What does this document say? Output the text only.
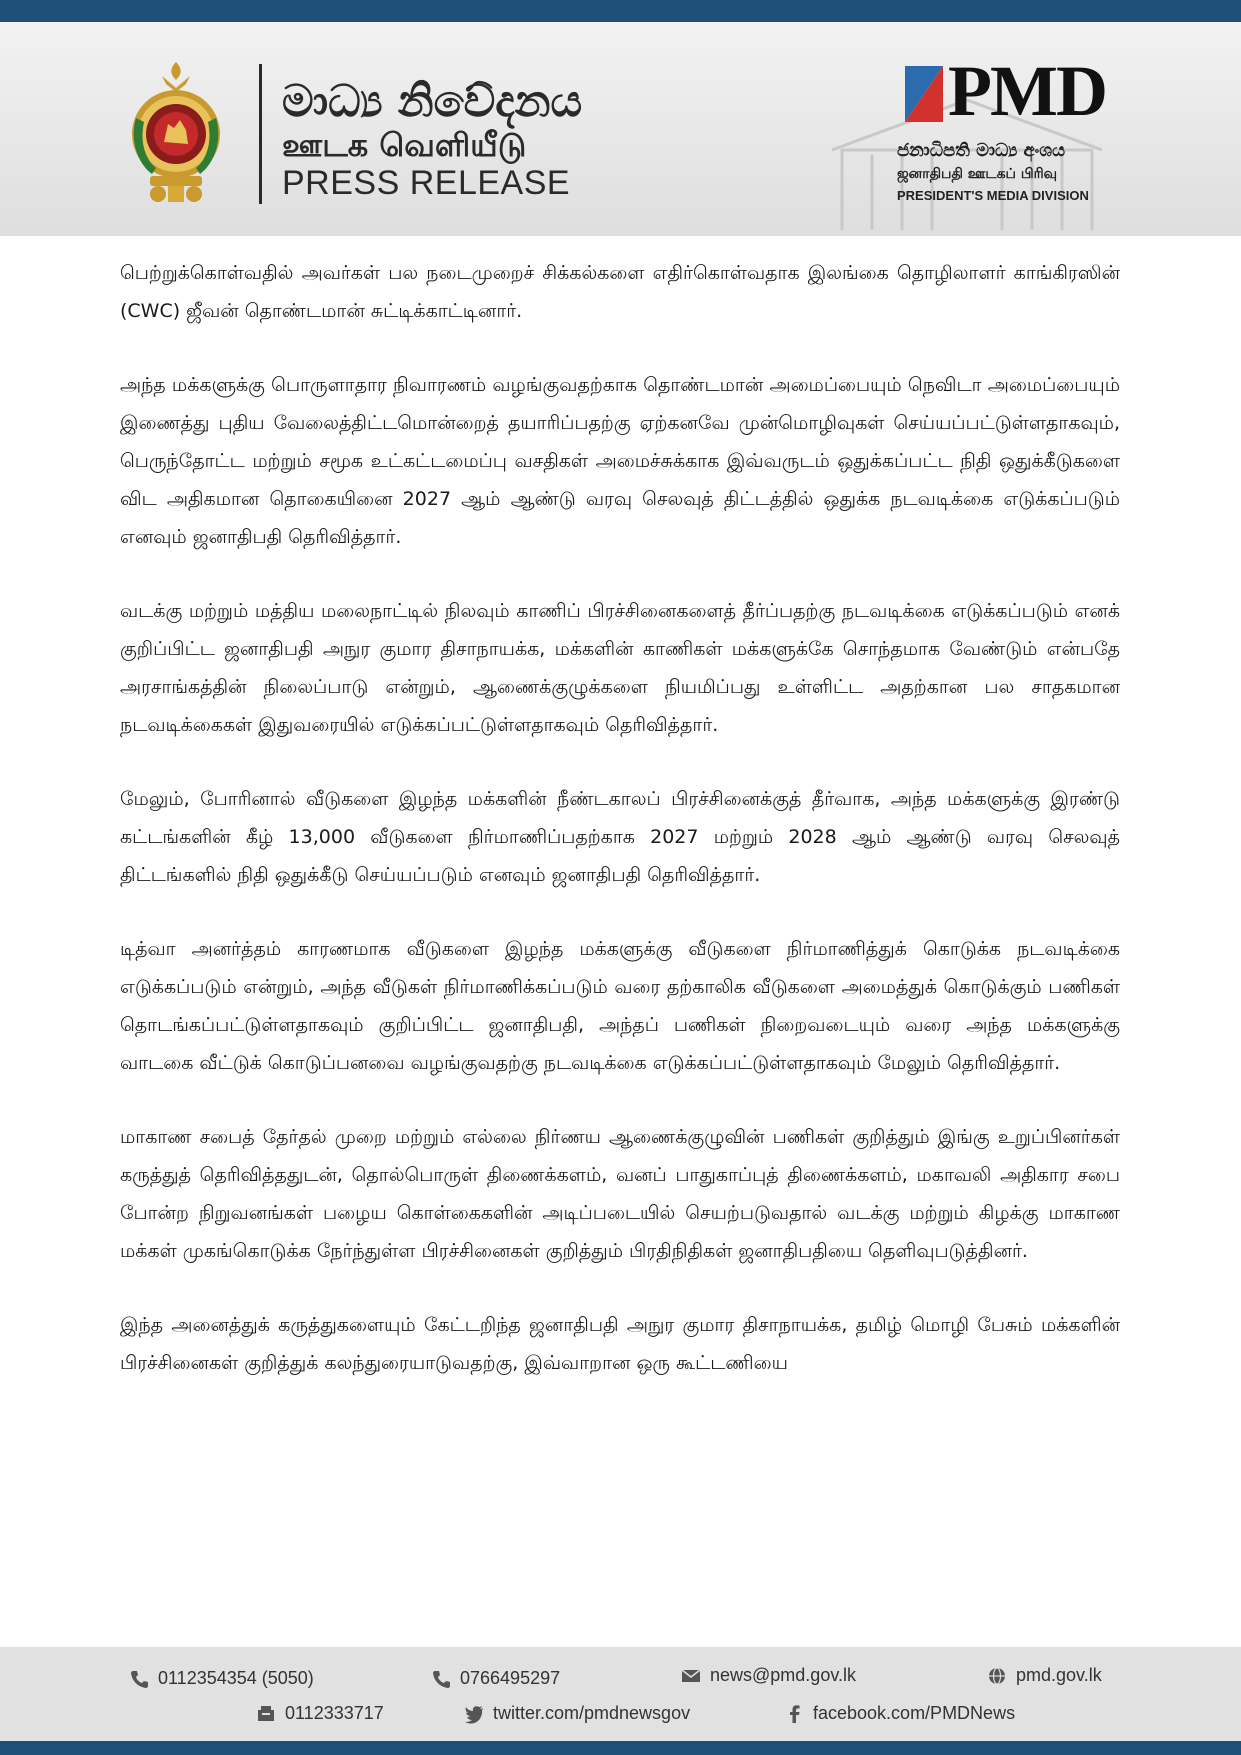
මාධ්‍ය නිවේදනය
ஊடக வெளியீடு
PRESS RELEASE
PMD
ජනාධිපති මාධ්‍ය අංශය
ஜனாதிபதி ஊடகப் பிரிவு
PRESIDENT'S MEDIA DIVISION

பெற்றுக்கொள்வதில் அவர்கள் பல நடைமுறைச் சிக்கல்களை எதிர்கொள்வதாக இலங்கை தொழிலாளர் காங்கிரஸின் (CWC) ஜீவன் தொண்டமான் சுட்டிக்காட்டினார்.

அந்த மக்களுக்கு பொருளாதார நிவாரணம் வழங்குவதற்காக தொண்டமான் அமைப்பையும் நெவிடா அமைப்பையும் இணைத்து புதிய வேலைத்திட்டமொன்றைத் தயாரிப்பதற்கு ஏற்கனவே முன்மொழிவுகள் செய்யப்பட்டுள்ளதாகவும், பெருந்தோட்ட மற்றும் சமூக உட்கட்டமைப்பு வசதிகள் அமைச்சுக்காக இவ்வருடம் ஒதுக்கப்பட்ட நிதி ஒதுக்கீடுகளை விட அதிகமான தொகையினை 2027 ஆம் ஆண்டு வரவு செலவுத் திட்டத்தில் ஒதுக்க நடவடிக்கை எடுக்கப்படும் எனவும் ஜனாதிபதி தெரிவித்தார்.

வடக்கு மற்றும் மத்திய மலைநாட்டில் நிலவும் காணிப் பிரச்சினைகளைத் தீர்ப்பதற்கு நடவடிக்கை எடுக்கப்படும் எனக் குறிப்பிட்ட ஜனாதிபதி அநுர குமார திசாநாயக்க, மக்களின் காணிகள் மக்களுக்கே சொந்தமாக வேண்டும் என்பதே அரசாங்கத்தின் நிலைப்பாடு என்றும், ஆணைக்குழுக்களை நியமிப்பது உள்ளிட்ட அதற்கான பல சாதகமான நடவடிக்கைகள் இதுவரையில் எடுக்கப்பட்டுள்ளதாகவும் தெரிவித்தார்.

மேலும், போரினால் வீடுகளை இழந்த மக்களின் நீண்டகாலப் பிரச்சினைக்குத் தீர்வாக, அந்த மக்களுக்கு இரண்டு கட்டங்களின் கீழ் 13,000 வீடுகளை நிர்மாணிப்பதற்காக 2027 மற்றும் 2028 ஆம் ஆண்டு வரவு செலவுத் திட்டங்களில் நிதி ஒதுக்கீடு செய்யப்படும் எனவும் ஜனாதிபதி தெரிவித்தார்.

டித்வா அனர்த்தம் காரணமாக வீடுகளை இழந்த மக்களுக்கு வீடுகளை நிர்மாணித்துக் கொடுக்க நடவடிக்கை எடுக்கப்படும் என்றும், அந்த வீடுகள் நிர்மாணிக்கப்படும் வரை தற்காலிக வீடுகளை அமைத்துக் கொடுக்கும் பணிகள் தொடங்கப்பட்டுள்ளதாகவும் குறிப்பிட்ட ஜனாதிபதி, அந்தப் பணிகள் நிறைவடையும் வரை அந்த மக்களுக்கு வாடகை வீட்டுக் கொடுப்பனவை வழங்குவதற்கு நடவடிக்கை எடுக்கப்பட்டுள்ளதாகவும் மேலும் தெரிவித்தார்.

மாகாண சபைத் தேர்தல் முறை மற்றும் எல்லை நிர்ணய ஆணைக்குழுவின் பணிகள் குறித்தும் இங்கு உறுப்பினர்கள் கருத்துத் தெரிவித்ததுடன், தொல்பொருள் திணைக்களம், வனப் பாதுகாப்புத் திணைக்களம், மகாவலி அதிகார சபை போன்ற நிறுவனங்கள் பழைய கொள்கைகளின் அடிப்படையில் செயற்படுவதால் வடக்கு மற்றும் கிழக்கு மாகாண மக்கள் முகங்கொடுக்க நேர்ந்துள்ள பிரச்சினைகள் குறித்தும் பிரதிநிதிகள் ஜனாதிபதியை தெளிவுபடுத்தினர்.

இந்த அனைத்துக் கருத்துகளையும் கேட்டறிந்த ஜனாதிபதி அநுர குமார திசாநாயக்க, தமிழ் மொழி பேசும் மக்களின் பிரச்சினைகள் குறித்துக் கலந்துரையாடுவதற்கு, இவ்வாறான ஒரு கூட்டணியை

0112354354 (5050)	0766495297	news@pmd.gov.lk	pmd.gov.lk
0112333717	twitter.com/pmdnewsgov	facebook.com/PMDNews
